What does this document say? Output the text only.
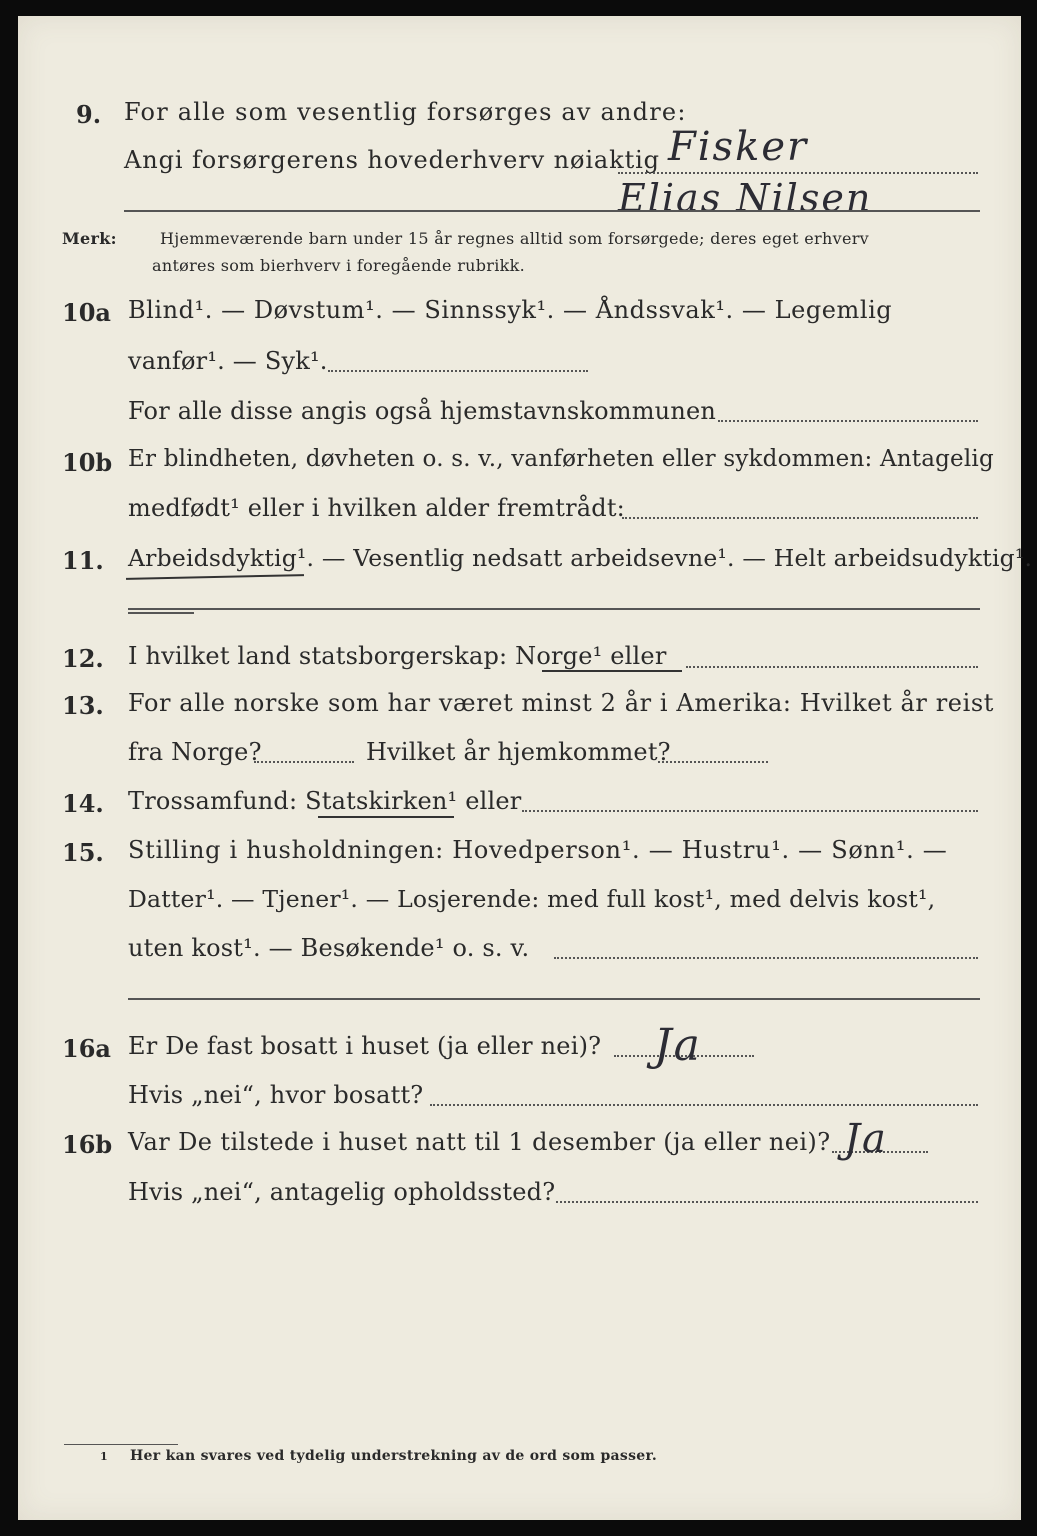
9. For alle som vesentlig forsørges av andre:
Angi forsørgerens hovederhverv nøiaktig Fisker
Elias Nilsen
Merk:	Hjemmeværende barn under 15 år regnes alltid som forsørgede; deres eget erhverv
antøres som bierhverv i foregående rubrikk.
10a Blind¹. — Døvstum¹. — Sinnssyk¹. — Åndssvak¹. — Legemlig
vanfør¹. — Syk¹.
For alle disse angis også hjemstavnskommunen
10b Er blindheten, døvheten o. s. v., vanførheten eller sykdommen: Antagelig
medfødt¹ eller i hvilken alder fremtrådt:
11. Arbeidsdyktig¹. — Vesentlig nedsatt arbeidsevne¹. — Helt arbeidsudyktig¹.
12. I hvilket land statsborgerskap: Norge¹ eller
13. For alle norske som har været minst 2 år i Amerika: Hvilket år reist
fra Norge?	Hvilket år hjemkommet?
14. Trossamfund: Statskirken¹ eller
15. Stilling i husholdningen: Hovedperson¹. — Hustru¹. — Sønn¹. —
Datter¹. — Tjener¹. — Losjerende: med full kost¹, med delvis kost¹,
uten kost¹. — Besøkende¹ o. s. v.
16a Er De fast bosatt i huset (ja eller nei)? Ja
Hvis „nei“, hvor bosatt?
16b Var De tilstede i huset natt til 1 desember (ja eller nei)? Ja
Hvis „nei“, antagelig opholdssted?
1 Her kan svares ved tydelig understrekning av de ord som passer.
